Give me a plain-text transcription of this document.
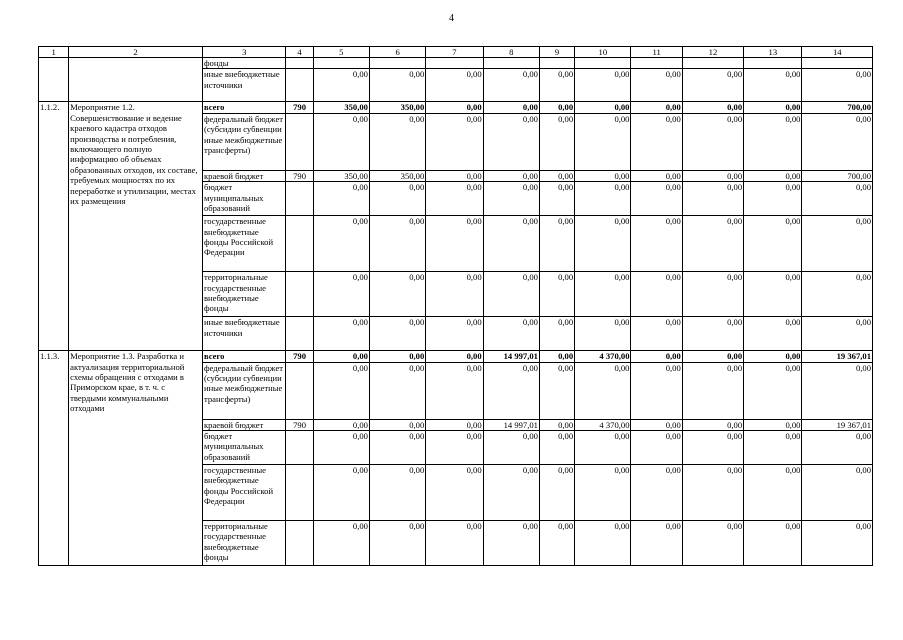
4
1	2	3	4	5	6	7	8	9	10	11	12	13	14
		фонды											
		иные внебюджетные источники		0,00	0,00	0,00	0,00	0,00	0,00	0,00	0,00	0,00	0,00
1.1.2.	Мероприятие 1.2. Совершенствование и ведение краевого кадастра отходов производства и потребления, включающего полную информацию об объемах образованных отходов, их составе, требуемых мощностях по их переработке и утилизации, местах их размещения	всего	790	350,00	350,00	0,00	0,00	0,00	0,00	0,00	0,00	0,00	700,00
		федеральный бюджет (субсидии субвенции иные межбюджетные трансферты)		0,00	0,00	0,00	0,00	0,00	0,00	0,00	0,00	0,00	0,00
		краевой бюджет	790	350,00	350,00	0,00	0,00	0,00	0,00	0,00	0,00	0,00	700,00
		бюджет муниципальных образований		0,00	0,00	0,00	0,00	0,00	0,00	0,00	0,00	0,00	0,00
		государственные внебюджетные фонды Российской Федерации		0,00	0,00	0,00	0,00	0,00	0,00	0,00	0,00	0,00	0,00
		территориальные государственные внебюджетные фонды		0,00	0,00	0,00	0,00	0,00	0,00	0,00	0,00	0,00	0,00
		иные внебюджетные источники		0,00	0,00	0,00	0,00	0,00	0,00	0,00	0,00	0,00	0,00
1.1.3.	Мероприятие 1.3. Разработка и актуализация территориальной схемы обращения с отходами в Приморском крае, в т. ч. с твердыми коммунальными отходами	всего	790	0,00	0,00	0,00	14 997,01	0,00	4 370,00	0,00	0,00	0,00	19 367,01
		федеральный бюджет (субсидии субвенции иные межбюджетные трансферты)		0,00	0,00	0,00	0,00	0,00	0,00	0,00	0,00	0,00	0,00
		краевой бюджет	790	0,00	0,00	0,00	14 997,01	0,00	4 370,00	0,00	0,00	0,00	19 367,01
		бюджет муниципальных образований		0,00	0,00	0,00	0,00	0,00	0,00	0,00	0,00	0,00	0,00
		государственные внебюджетные фонды Российской Федерации		0,00	0,00	0,00	0,00	0,00	0,00	0,00	0,00	0,00	0,00
		территориальные государственные внебюджетные фонды		0,00	0,00	0,00	0,00	0,00	0,00	0,00	0,00	0,00	0,00
